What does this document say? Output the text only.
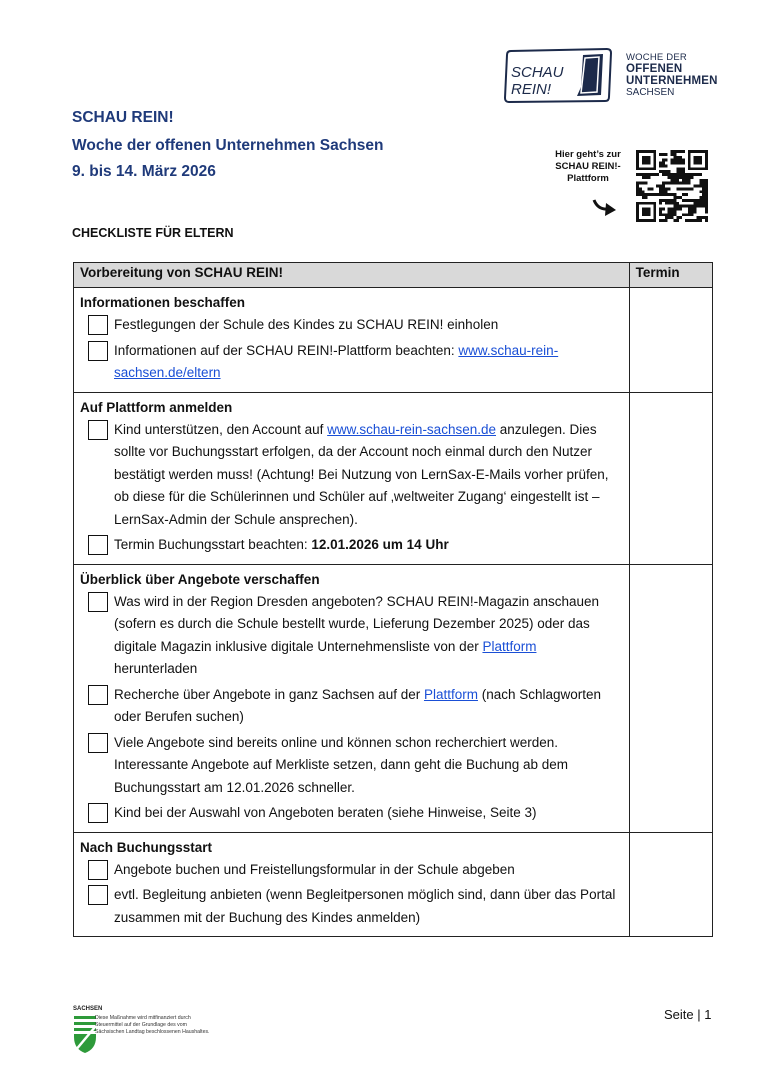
SCHAU
REIN!
WOCHE DER
OFFENEN
UNTERNEHMEN
SACHSEN
SCHAU REIN!
Woche der offenen Unternehmen Sachsen
9. bis 14. März 2026
Hier geht’s zur
SCHAU REIN!-
Plattform
CHECKLISTE FÜR ELTERN
Vorbereitung von SCHAU REIN!	Termin

Informationen beschaffen
Festlegungen der Schule des Kindes zu SCHAU REIN! einholen
Informationen auf der SCHAU REIN!-Plattform beachten: www.schau-rein-sachsen.de/eltern	

Auf Plattform anmelden
Kind unterstützen, den Account auf www.schau-rein-sachsen.de anzulegen. Dies sollte vor Buchungsstart erfolgen, da der Account noch einmal durch den Nutzer bestätigt werden muss! (Achtung! Bei Nutzung von LernSax-E-Mails vorher prüfen, ob diese für die Schülerinnen und Schüler auf ‚weltweiter Zugang‘ eingestellt ist – LernSax-Admin der Schule ansprechen).
Termin Buchungsstart beachten: 12.01.2026 um 14 Uhr	

Überblick über Angebote verschaffen
Was wird in der Region Dresden angeboten? SCHAU REIN!-Magazin anschauen (sofern es durch die Schule bestellt wurde, Lieferung Dezember 2025) oder das digitale Magazin inklusive digitale Unternehmensliste von der Plattform herunterladen
Recherche über Angebote in ganz Sachsen auf der Plattform (nach Schlagworten oder Berufen suchen)
Viele Angebote sind bereits online und können schon recherchiert werden. Interessante Angebote auf Merkliste setzen, dann geht die Buchung ab dem Buchungsstart am 12.01.2026 schneller.
Kind bei der Auswahl von Angeboten beraten (siehe Hinweise, Seite 3)	

Nach Buchungsstart
Angebote buchen und Freistellungsformular in der Schule abgeben
evtl. Begleitung anbieten (wenn Begleitpersonen möglich sind, dann über das Portal zusammen mit der Buchung des Kindes anmelden)	

SACHSEN
Diese Maßnahme wird mitfinanziert durch Steuermittel auf der Grundlage des vom Sächsischen Landtag beschlossenen Haushaltes.
Seite | 1
